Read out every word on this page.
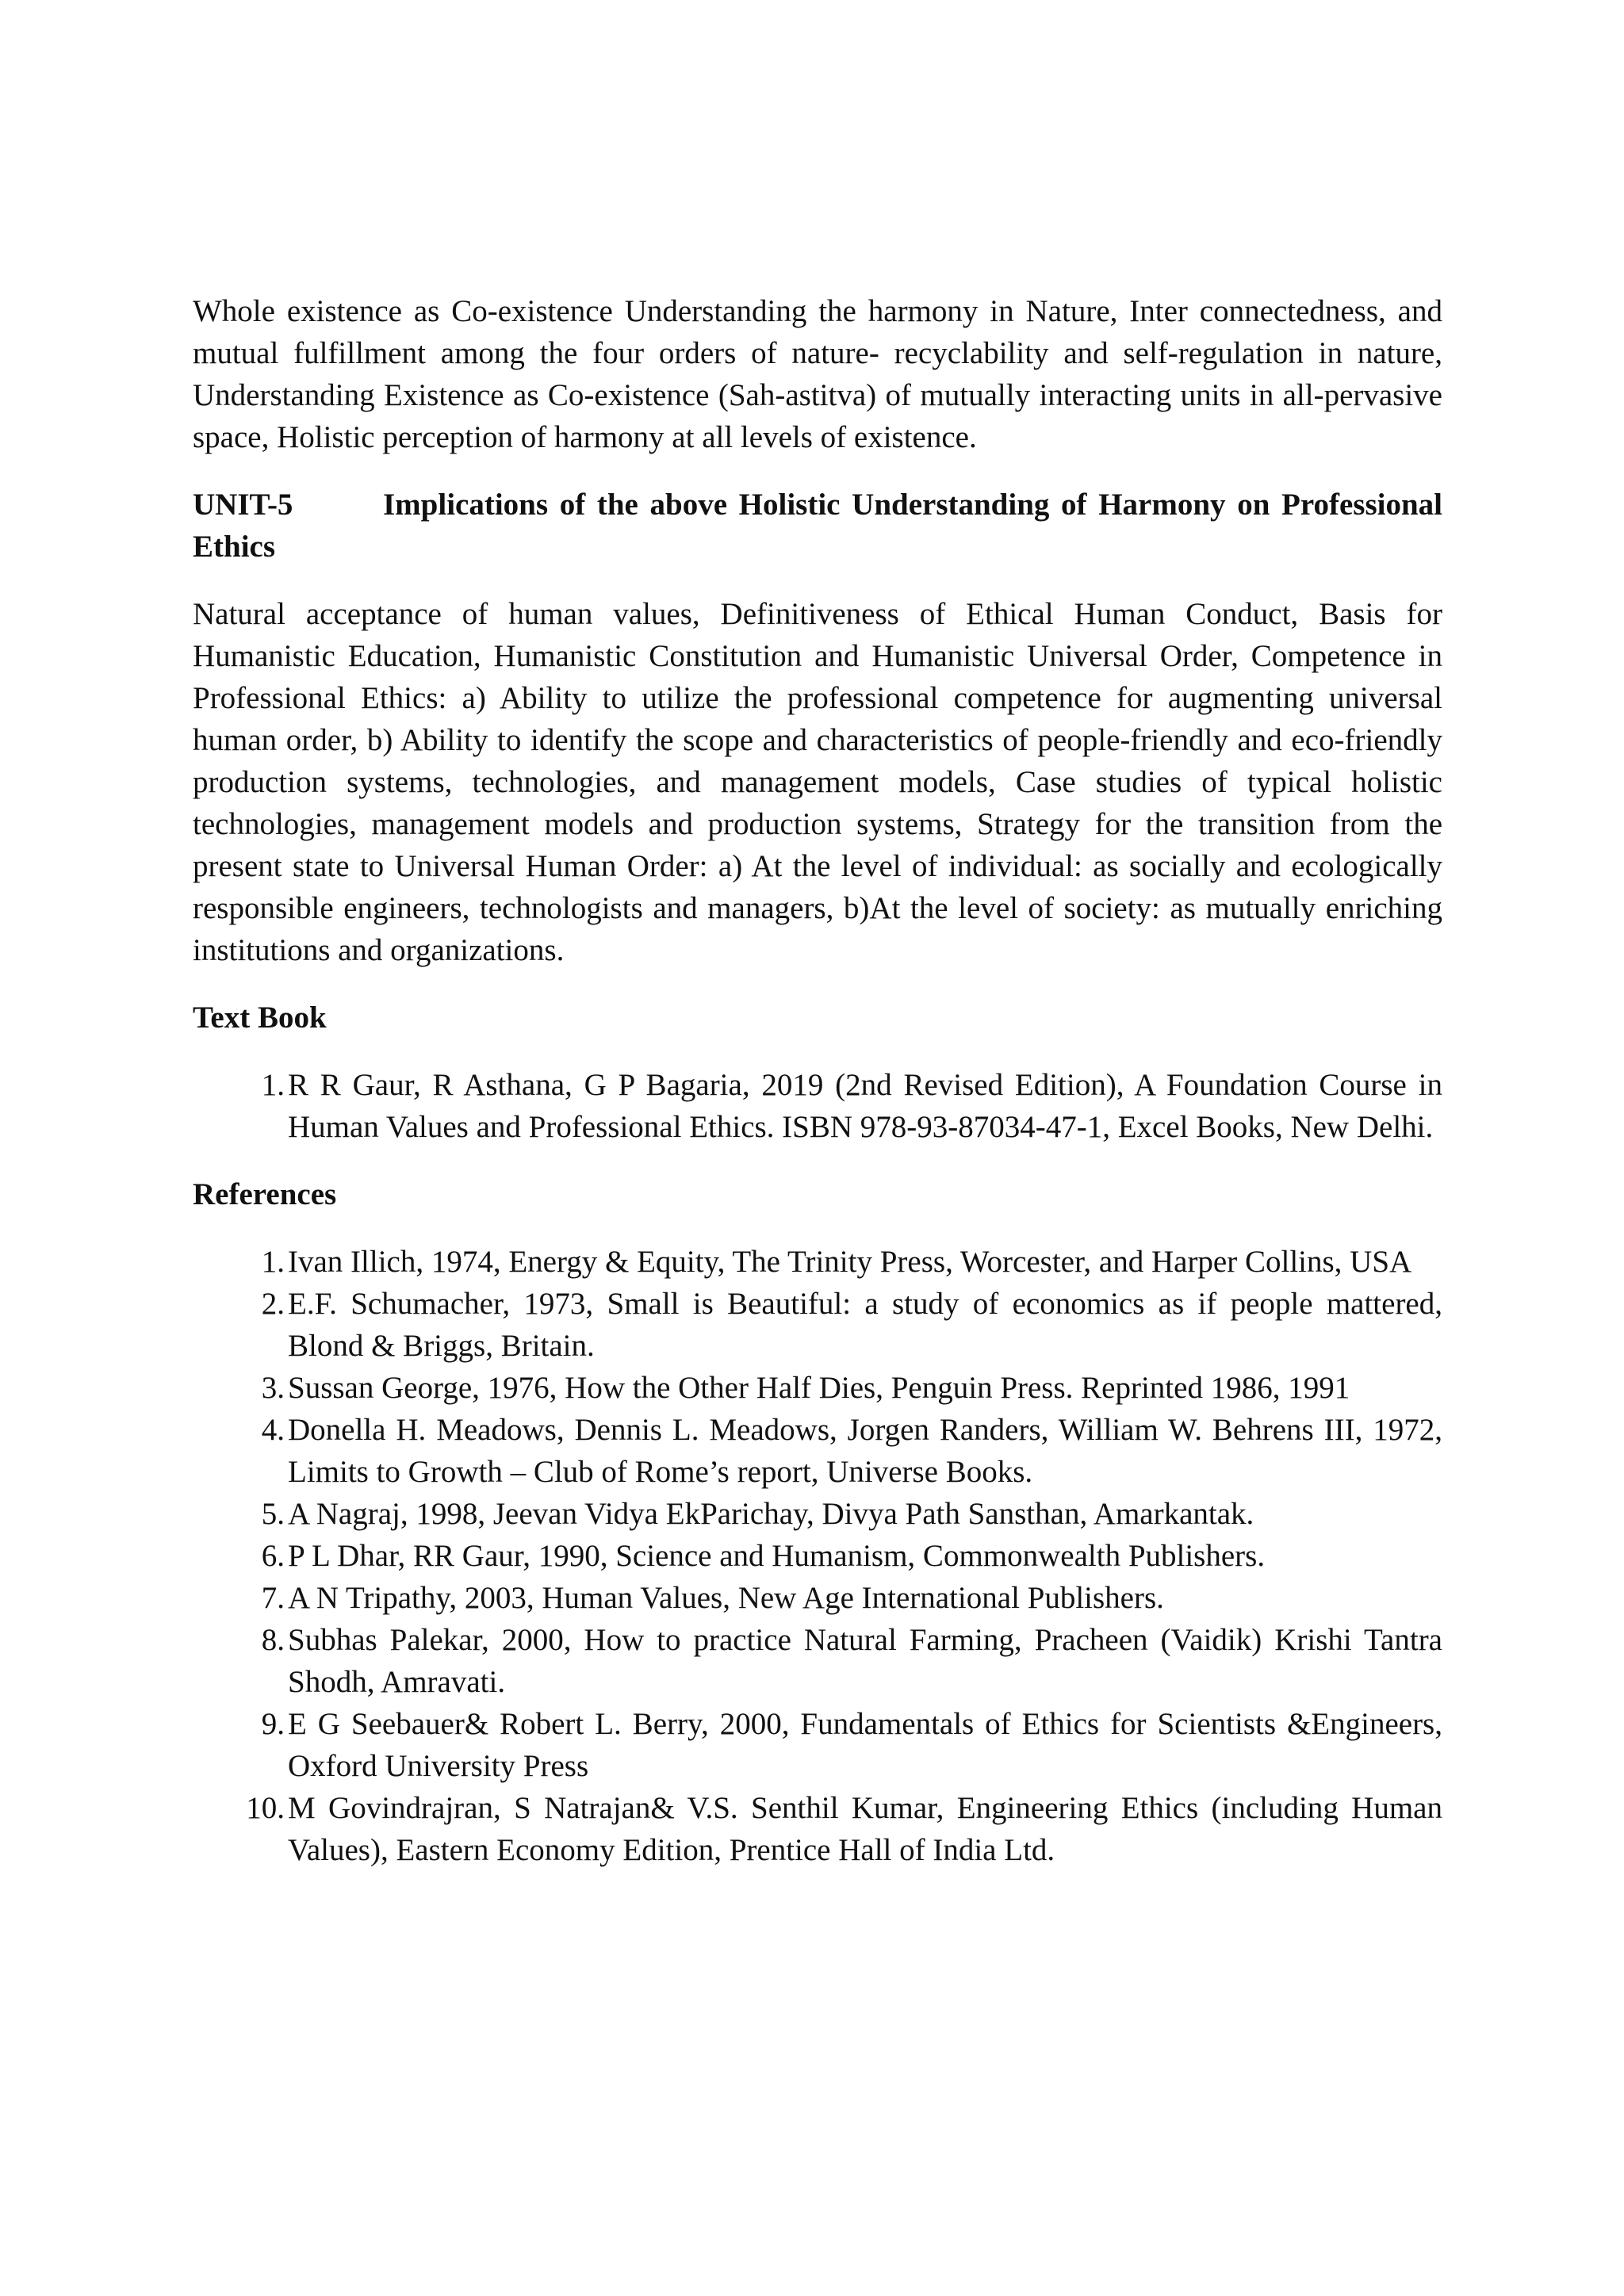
Whole existence as Co-existence Understanding the harmony in Nature, Inter connectedness, and mutual fulfillment among the four orders of nature- recyclability and self-regulation in nature, Understanding Existence as Co-existence (Sah-astitva) of mutually interacting units in all-pervasive space, Holistic perception of harmony at all levels of existence.

UNIT-5	Implications of the above Holistic Understanding of Harmony on Professional Ethics

Natural acceptance of human values, Definitiveness of Ethical Human Conduct, Basis for Humanistic Education, Humanistic Constitution and Humanistic Universal Order, Competence in Professional Ethics: a) Ability to utilize the professional competence for augmenting universal human order, b) Ability to identify the scope and characteristics of people-friendly and eco-friendly production systems, technologies, and management models, Case studies of typical holistic technologies, management models and production systems, Strategy for the transition from the present state to Universal Human Order: a) At the level of individual: as socially and ecologically responsible engineers, technologists and managers, b)At the level of society: as mutually enriching institutions and organizations.

Text Book
1. R R Gaur, R Asthana, G P Bagaria, 2019 (2nd Revised Edition), A Foundation Course in Human Values and Professional Ethics. ISBN 978-93-87034-47-1, Excel Books, New Delhi.
References
1. Ivan Illich, 1974, Energy & Equity, The Trinity Press, Worcester, and Harper Collins, USA
2. E.F. Schumacher, 1973, Small is Beautiful: a study of economics as if people mattered, Blond & Briggs, Britain.
3. Sussan George, 1976, How the Other Half Dies, Penguin Press. Reprinted 1986, 1991
4. Donella H. Meadows, Dennis L. Meadows, Jorgen Randers, William W. Behrens III, 1972, Limits to Growth – Club of Rome’s report, Universe Books.
5. A Nagraj, 1998, Jeevan Vidya EkParichay, Divya Path Sansthan, Amarkantak.
6. P L Dhar, RR Gaur, 1990, Science and Humanism, Commonwealth Publishers.
7. A N Tripathy, 2003, Human Values, New Age International Publishers.
8. Subhas Palekar, 2000, How to practice Natural Farming, Pracheen (Vaidik) Krishi Tantra Shodh, Amravati.
9. E G Seebauer& Robert L. Berry, 2000, Fundamentals of Ethics for Scientists &Engineers, Oxford University Press
10. M Govindrajran, S Natrajan& V.S. Senthil Kumar, Engineering Ethics (including Human Values), Eastern Economy Edition, Prentice Hall of India Ltd.
